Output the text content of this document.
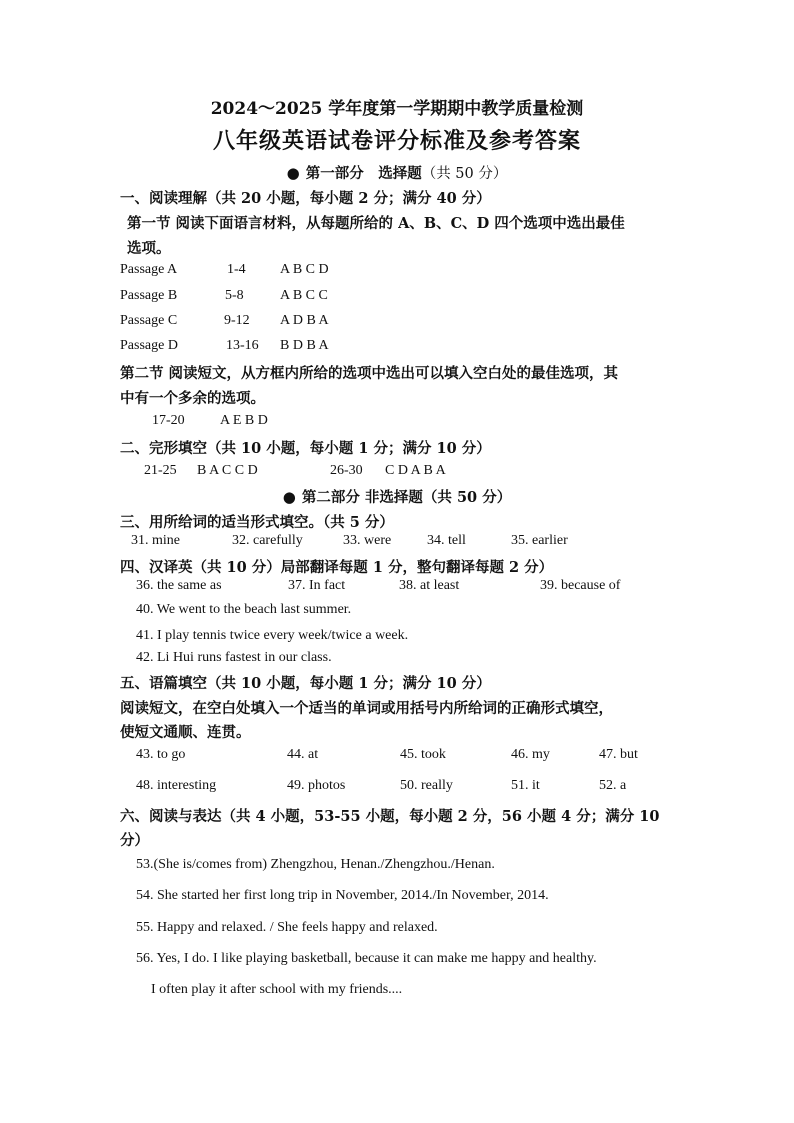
2024～2025 学年度第一学期期中教学质量检测
八年级英语试卷评分标准及参考答案
● 第一部分　选择题（共 50 分）
一、阅读理解（共 20 小题，每小题 2 分；满分 40 分）
第一节 阅读下面语言材料，从每题所给的 A、B、C、D 四个选项中选出最佳
选项。
Passage A	1-4 A B C D
Passage B	5-8	A B C C
Passage C	9-12 A D B A
Passage D	13-16 B D B A
第二节 阅读短文，从方框内所给的选项中选出可以填入空白处的最佳选项，其
中有一个多余的选项。
17-20	A E B D
二、完形填空（共 10 小题，每小题 1 分；满分 10 分）
21-25 B A C C D	26-30 C D A B A
● 第二部分 非选择题（共 50 分）
三、用所给词的适当形式填空。（共 5 分）
31. mine	32. carefully	33. were	34. tell	35. earlier
四、汉译英（共 10 分）局部翻译每题 1 分，整句翻译每题 2 分）
36. the same as	37. In fact	38. at least	39. because of
40. We went to the beach last summer.
41. I play tennis twice every week/twice a week.
42. Li Hui runs fastest in our class.
五、语篇填空（共 10 小题，每小题 1 分；满分 10 分）
阅读短文，在空白处填入一个适当的单词或用括号内所给词的正确形式填空，
使短文通顺、连贯。
43. to go	44. at	45. took	46. my	47. but
48. interesting	49. photos	50. really	51. it	52. a
六、阅读与表达（共 4 小题，53-55 小题，每小题 2 分，56 小题 4 分；满分 10
分）
53.(She is/comes from) Zhengzhou, Henan./Zhengzhou./Henan.
54. She started her first long trip in November, 2014./In November, 2014.
55. Happy and relaxed. / She feels happy and relaxed.
56. Yes, I do. I like playing basketball, because it can make me happy and healthy.
I often play it after school with my friends....
